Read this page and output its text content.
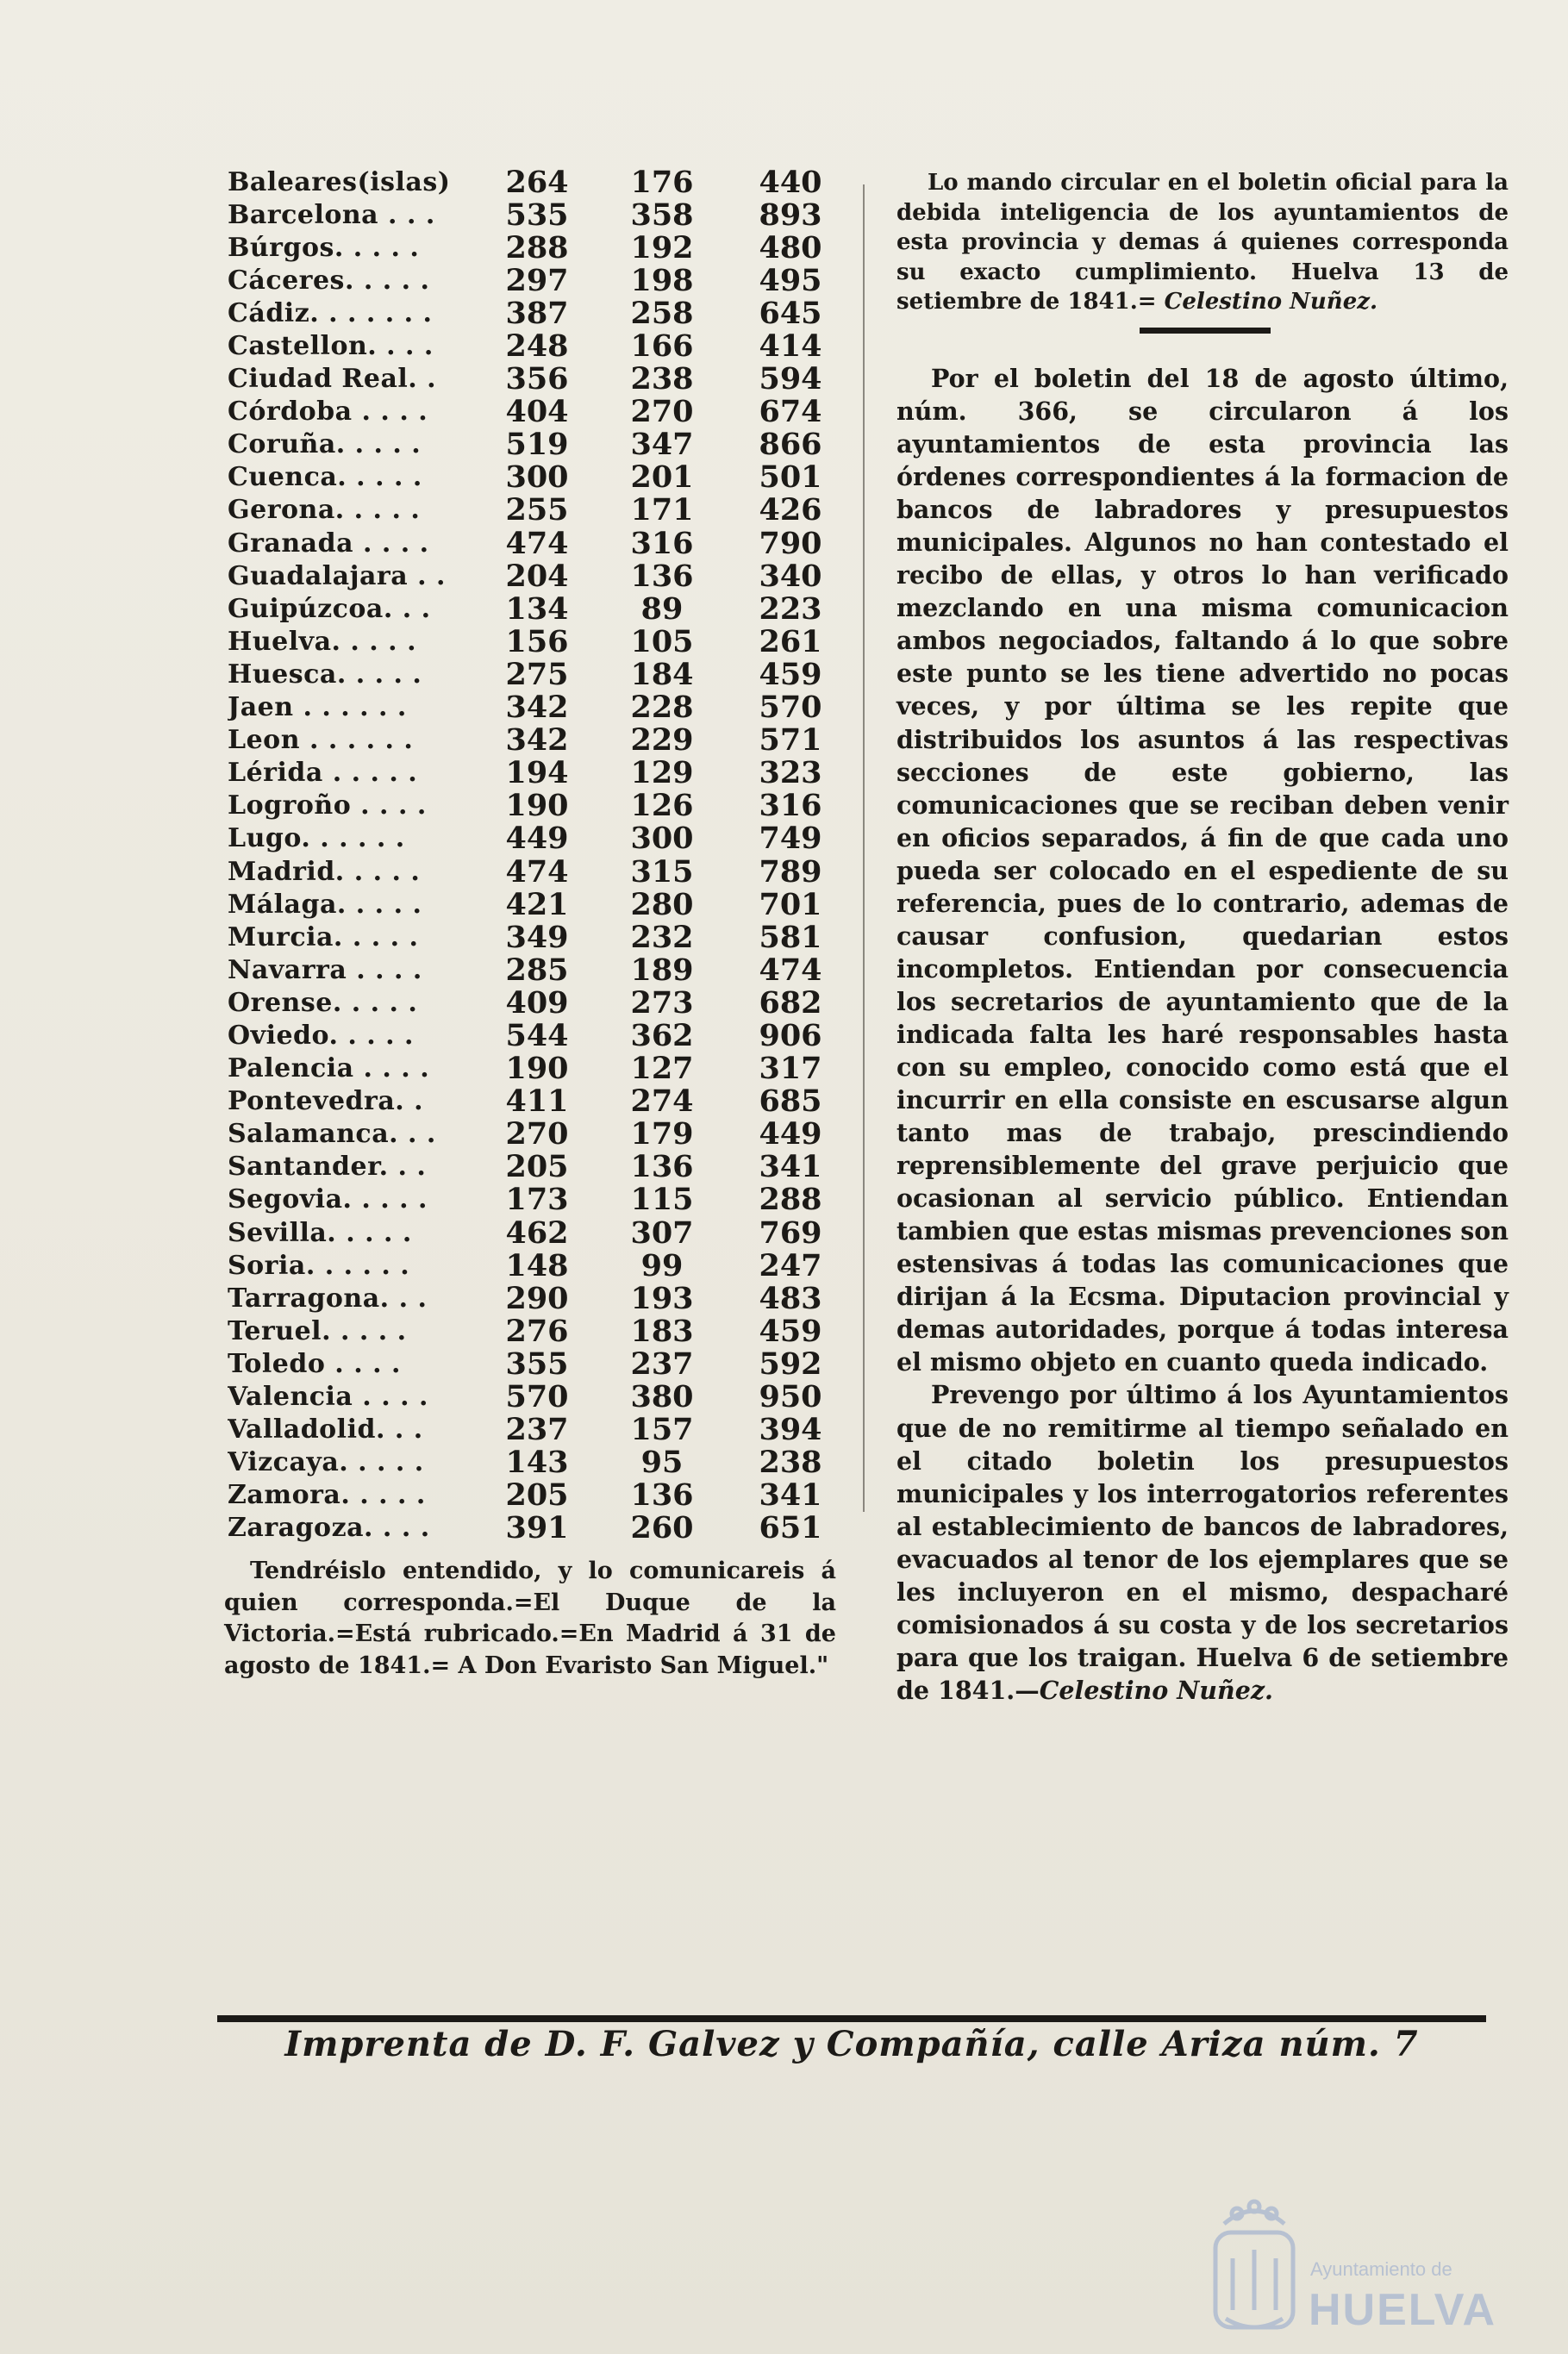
Baleares(islas)	264	176	440
Barcelona . . .	535	358	893
Búrgos. . . . .	288	192	480
Cáceres. . . . .	297	198	495
Cádiz. . . . . . .	387	258	645
Castellon. . . .	248	166	414
Ciudad Real. .	356	238	594
Córdoba . . . .	404	270	674
Coruña. . . . .	519	347	866
Cuenca. . . . .	300	201	501
Gerona. . . . .	255	171	426
Granada . . . .	474	316	790
Guadalajara . .	204	136	340
Guipúzcoa. . .	134	89	223
Huelva. . . . .	156	105	261
Huesca. . . . .	275	184	459
Jaen . . . . . .	342	228	570
Leon . . . . . .	342	229	571
Lérida . . . . .	194	129	323
Logroño . . . .	190	126	316
Lugo. . . . . .	449	300	749
Madrid. . . . .	474	315	789
Málaga. . . . .	421	280	701
Murcia. . . . .	349	232	581
Navarra . . . .	285	189	474
Orense. . . . .	409	273	682
Oviedo. . . . .	544	362	906
Palencia . . . .	190	127	317
Pontevedra. .	411	274	685
Salamanca. . .	270	179	449
Santander. . .	205	136	341
Segovia. . . . .	173	115	288
Sevilla. . . . .	462	307	769
Soria. . . . . .	148	99	247
Tarragona. . .	290	193	483
Teruel. . . . .	276	183	459
Toledo . . . .	355	237	592
Valencia . . . .	570	380	950
Valladolid. . .	237	157	394
Vizcaya. . . . .	143	95	238
Zamora. . . . .	205	136	341
Zaragoza. . . .	391	260	651
Tendréislo entendido, y lo comunicareis á quien corresponda.=El Duque de la Victoria.=Está rubricado.=En Madrid á 31 de agosto de 1841.= A Don Evaristo San Miguel."
Lo mando circular en el boletin oficial para la debida inteligencia de los ayuntamientos de esta provincia y demas á quienes corresponda su exacto cumplimiento. Huelva 13 de setiembre de 1841.= Celestino Nuñez.

Por el boletin del 18 de agosto último, núm. 366, se circularon á los ayuntamientos de esta provincia las órdenes correspondientes á la formacion de bancos de labradores y presupuestos municipales. Algunos no han contestado el recibo de ellas, y otros lo han verificado mezclando en una misma comunicacion ambos negociados, faltando á lo que sobre este punto se les tiene advertido no pocas veces, y por última se les repite que distribuidos los asuntos á las respectivas secciones de este gobierno, las comunicaciones que se reciban deben venir en oficios separados, á fin de que cada uno pueda ser colocado en el espediente de su referencia, pues de lo contrario, ademas de causar confusion, quedarian estos incompletos. Entiendan por consecuencia los secretarios de ayuntamiento que de la indicada falta les haré responsables hasta con su empleo, conocido como está que el incurrir en ella consiste en escusarse algun tanto mas de trabajo, prescindiendo reprensiblemente del grave perjuicio que ocasionan al servicio público. Entiendan tambien que estas mismas prevenciones son estensivas á todas las comunicaciones que dirijan á la Ecsma. Diputacion provincial y demas autoridades, porque á todas interesa el mismo objeto en cuanto queda indicado.

Prevengo por último á los Ayuntamientos que de no remitirme al tiempo señalado en el citado boletin los presupuestos municipales y los interrogatorios referentes al establecimiento de bancos de labradores, evacuados al tenor de los ejemplares que se les incluyeron en el mismo, despacharé comisionados á su costa y de los secretarios para que los traigan. Huelva 6 de setiembre de 1841.—Celestino Nuñez.

Imprenta de D. F. Galvez y Compañía, calle Ariza núm. 7
Ayuntamiento de
HUELVA
